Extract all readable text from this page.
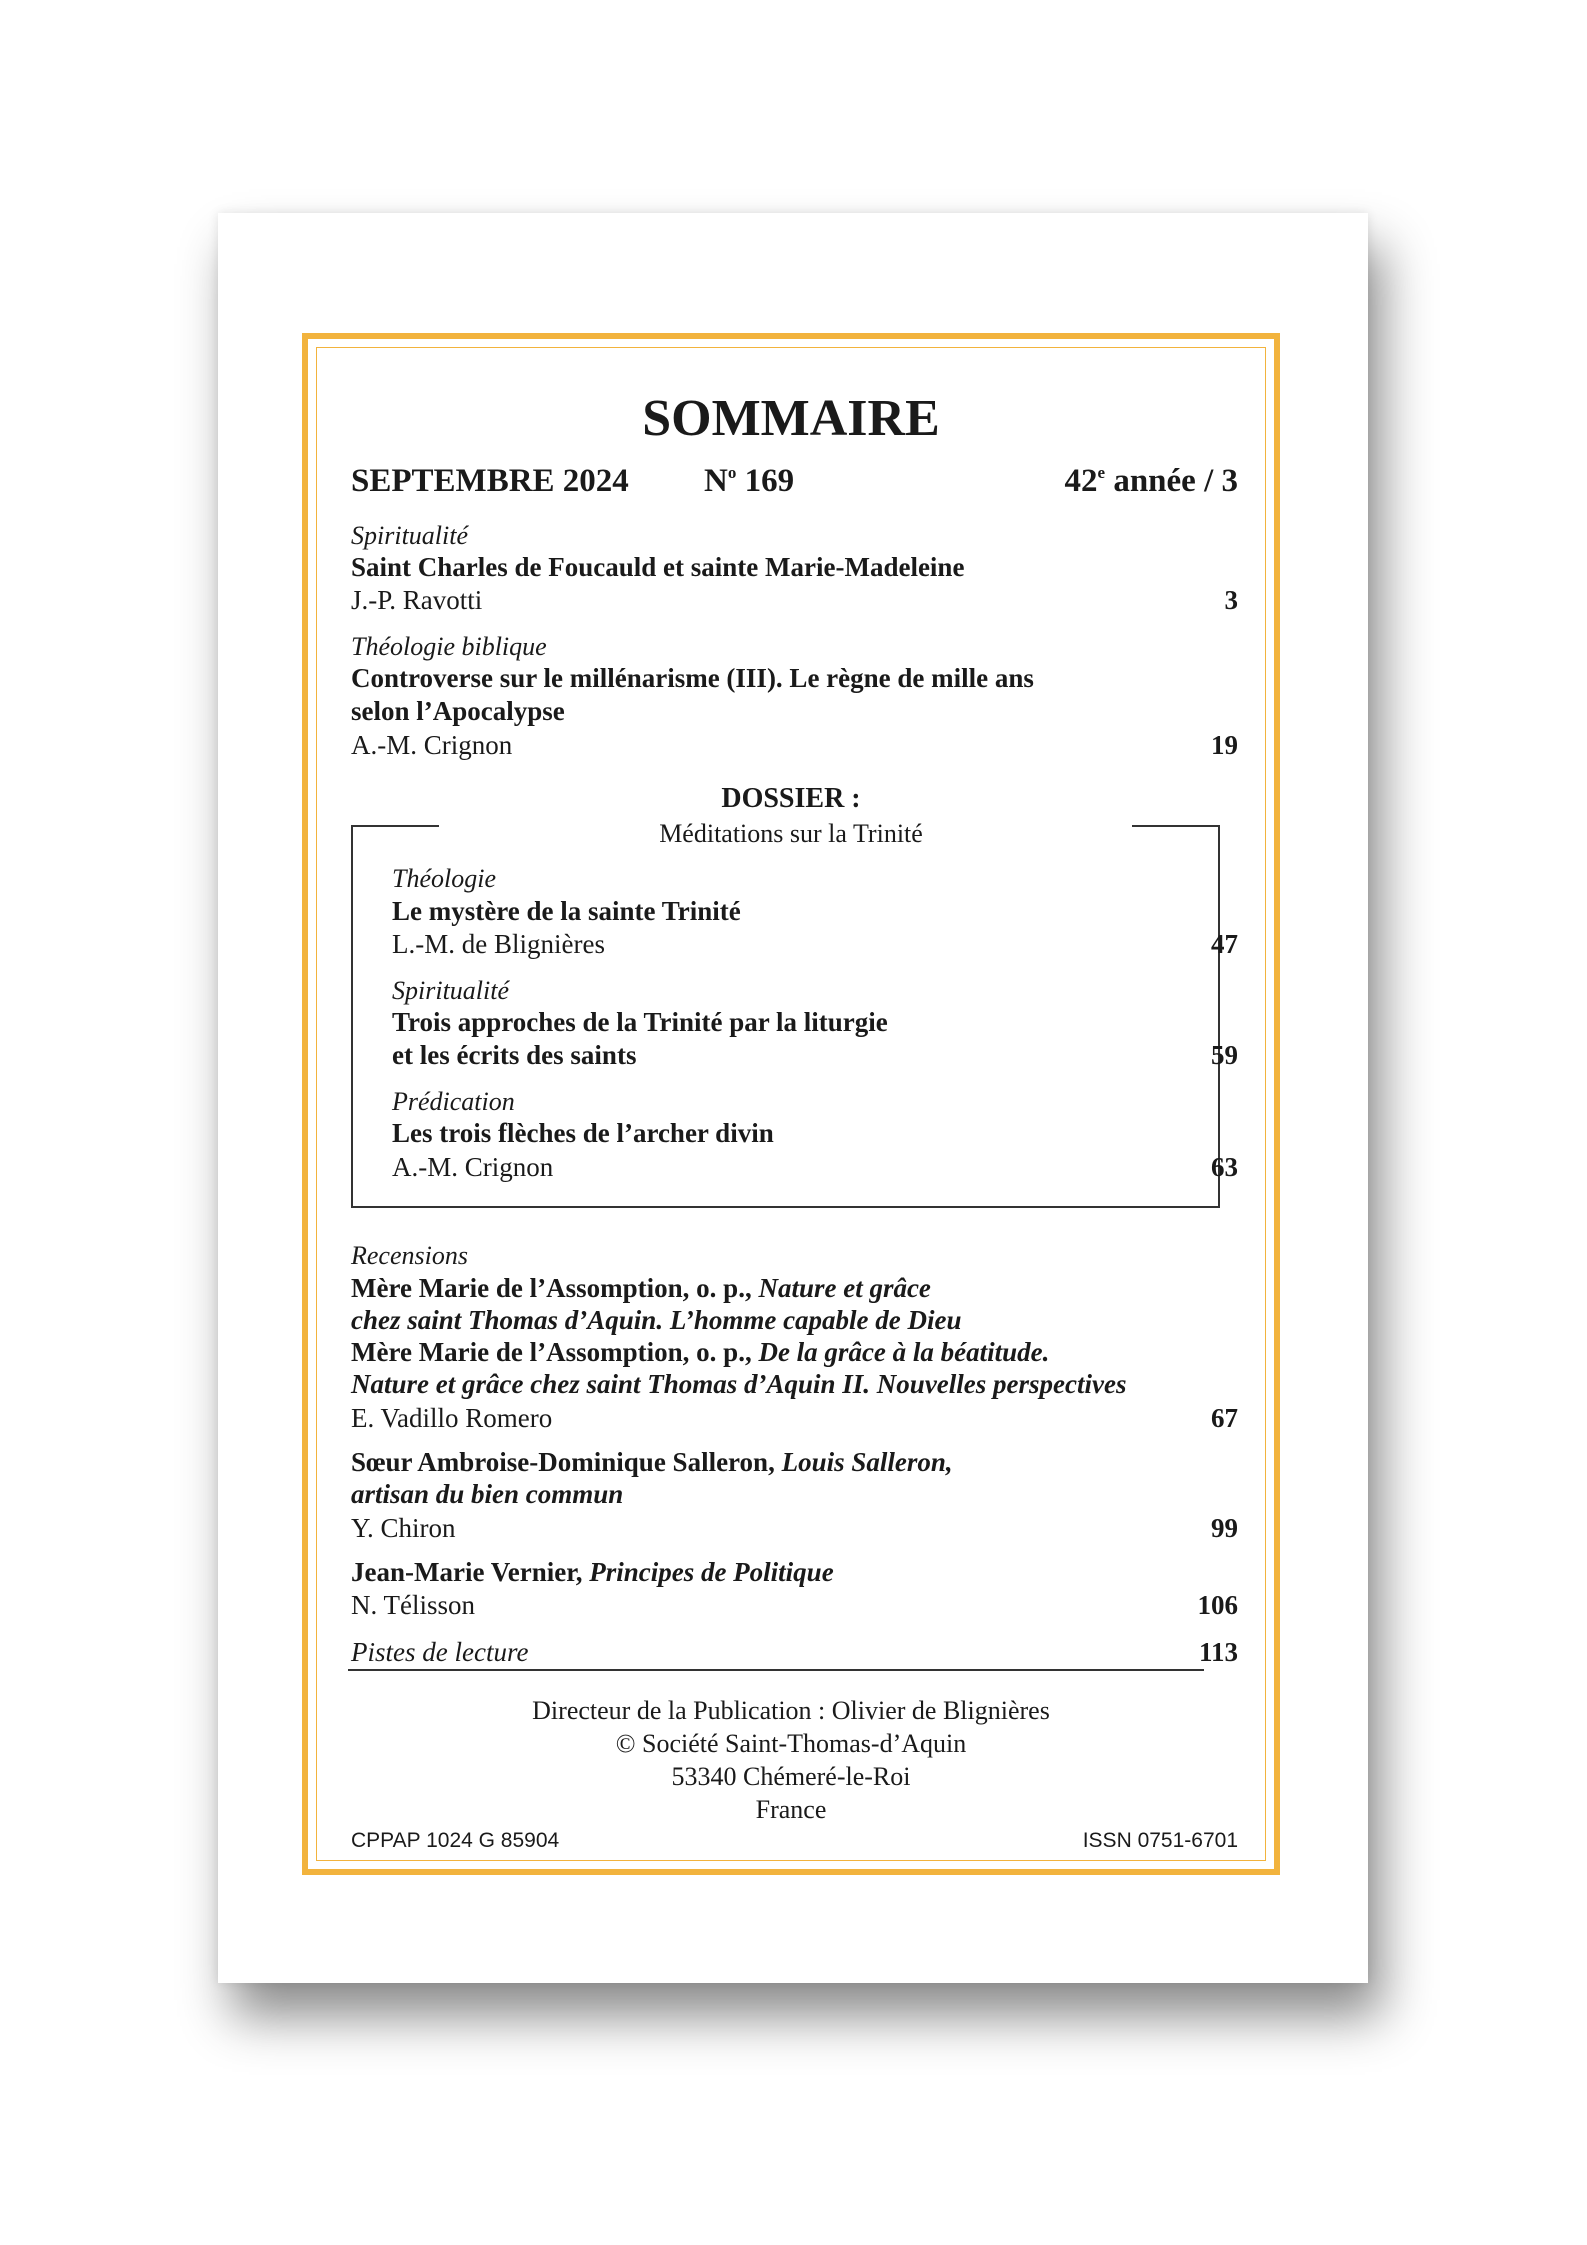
SOMMAIRE
SEPTEMBRE 2024 $N^o$ 169	42e année / 3
Spiritualité
Saint Charles de Foucauld et sainte Marie-Madeleine
J.-P. Ravotti	3
Théologie biblique
Controverse sur le millénarisme (III). Le règne de mille ans
selon l’Apocalypse
A.-M. Crignon	19
DOSSIER :
Méditations sur la Trinité
Théologie
Le mystère de la sainte Trinité
L.-M. de Blignières	47
Spiritualité
Trois approches de la Trinité par la liturgie
et les écrits des saints	59
Prédication
Les trois flèches de l’archer divin
A.-M. Crignon	63
Recensions
Mère Marie de l’Assomption, o. p., Nature et grâce
chez saint Thomas d’Aquin. L’homme capable de Dieu
Mère Marie de l’Assomption, o. p., De la grâce à la béatitude.
Nature et grâce chez saint Thomas d’Aquin II. Nouvelles perspectives
E. Vadillo Romero	67
Sœur Ambroise-Dominique Salleron, Louis Salleron,
artisan du bien commun
Y. Chiron	99
Jean-Marie Vernier, Principes de Politique
N. Télisson	106
Pistes de lecture	113
Directeur de la Publication : Olivier de Blignières
© Société Saint-Thomas-d’Aquin
53340 Chémeré-le-Roi
France
CPPAP 1024 G 85904	ISSN 0751-6701
